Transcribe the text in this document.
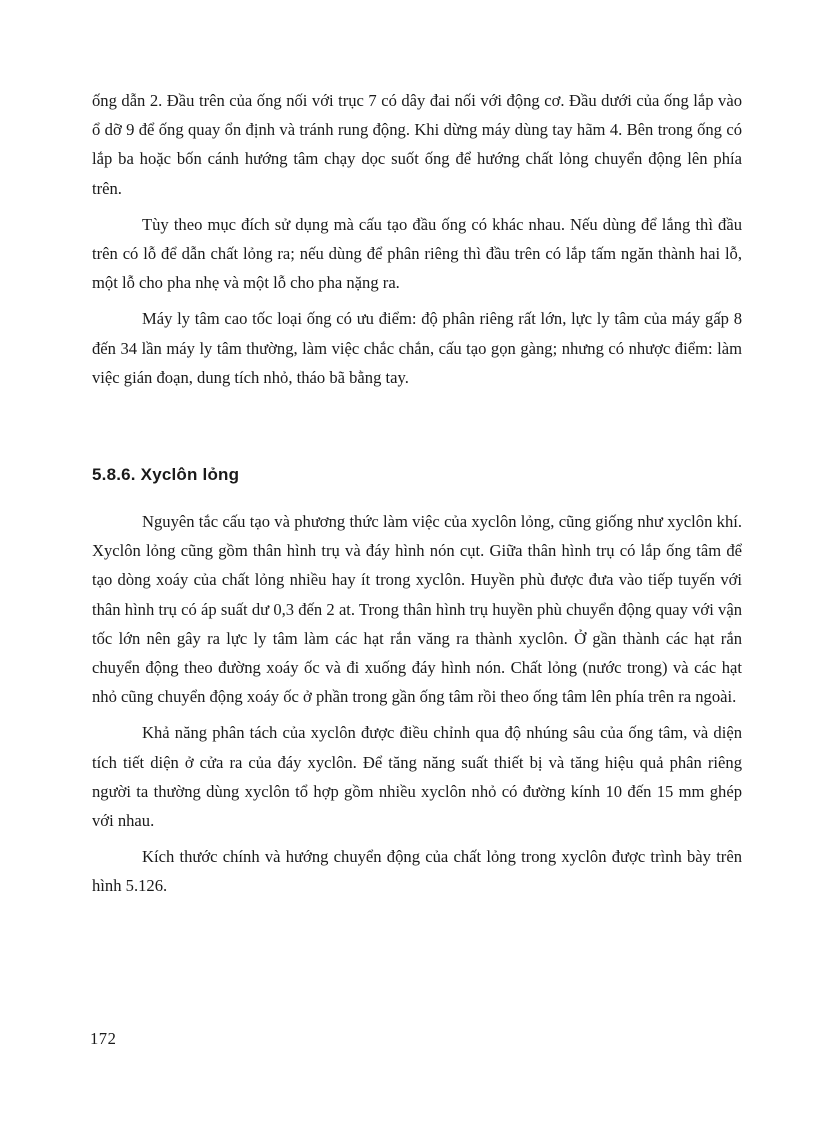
ống dẫn 2. Đầu trên của ống nối với trục 7 có dây đai nối với động cơ. Đầu dưới của ống lắp vào ổ dỡ 9 để ống quay ổn định và tránh rung động. Khi dừng máy dùng tay hãm 4. Bên trong ống có lắp ba hoặc bốn cánh hướng tâm chạy dọc suốt ống để hướng chất lỏng chuyển động lên phía trên.

Tùy theo mục đích sử dụng mà cấu tạo đầu ống có khác nhau. Nếu dùng để lắng thì đầu trên có lỗ để dẫn chất lỏng ra; nếu dùng để phân riêng thì đầu trên có lắp tấm ngăn thành hai lỗ, một lỗ cho pha nhẹ và một lỗ cho pha nặng ra.

Máy ly tâm cao tốc loại ống có ưu điểm: độ phân riêng rất lớn, lực ly tâm của máy gấp 8 đến 34 lần máy ly tâm thường, làm việc chắc chắn, cấu tạo gọn gàng; nhưng có nhược điểm: làm việc gián đoạn, dung tích nhỏ, tháo bã bằng tay.

5.8.6. Xyclôn lỏng

Nguyên tắc cấu tạo và phương thức làm việc của xyclôn lỏng, cũng giống như xyclôn khí. Xyclôn lỏng cũng gồm thân hình trụ và đáy hình nón cụt. Giữa thân hình trụ có lắp ống tâm để tạo dòng xoáy của chất lỏng nhiều hay ít trong xyclôn. Huyền phù được đưa vào tiếp tuyến với thân hình trụ có áp suất dư 0,3 đến 2 at. Trong thân hình trụ huyền phù chuyển động quay với vận tốc lớn nên gây ra lực ly tâm làm các hạt rắn văng ra thành xyclôn. Ở gần thành các hạt rắn chuyển động theo đường xoáy ốc và đi xuống đáy hình nón. Chất lỏng (nước trong) và các hạt nhỏ cũng chuyển động xoáy ốc ở phần trong gần ống tâm rồi theo ống tâm lên phía trên ra ngoài.

Khả năng phân tách của xyclôn được điều chỉnh qua độ nhúng sâu của ống tâm, và diện tích tiết diện ở cửa ra của đáy xyclôn. Để tăng năng suất thiết bị và tăng hiệu quả phân riêng người ta thường dùng xyclôn tổ hợp gồm nhiều xyclôn nhỏ có đường kính 10 đến 15 mm ghép với nhau.

Kích thước chính và hướng chuyển động của chất lỏng trong xyclôn được trình bày trên hình 5.126.

172
